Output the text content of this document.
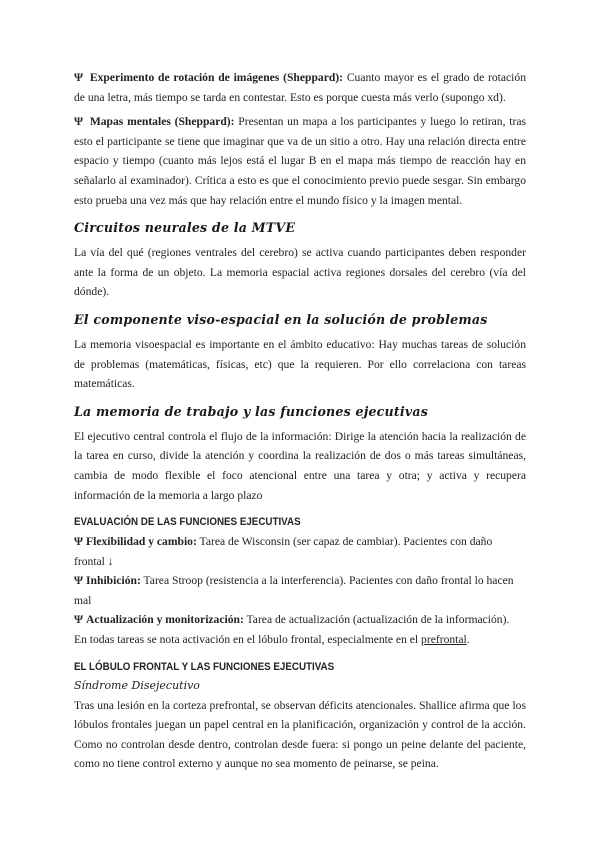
Ψ Experimento de rotación de imágenes (Sheppard): Cuanto mayor es el grado de rotación de una letra, más tiempo se tarda en contestar. Esto es porque cuesta más verlo (supongo xd).

Ψ Mapas mentales (Sheppard): Presentan un mapa a los participantes y luego lo retiran, tras esto el participante se tiene que imaginar que va de un sitio a otro. Hay una relación directa entre espacio y tiempo (cuanto más lejos está el lugar B en el mapa más tiempo de reacción hay en señalarlo al examinador). Crítica a esto es que el conocimiento previo puede sesgar. Sin embargo esto prueba una vez más que hay relación entre el mundo físico y la imagen mental.

Circuitos neurales de la MTVE

La vía del qué (regiones ventrales del cerebro) se activa cuando participantes deben responder ante la forma de un objeto. La memoria espacial activa regiones dorsales del cerebro (vía del dónde).

El componente viso-espacial en la solución de problemas

La memoria visoespacial es importante en el ámbito educativo: Hay muchas tareas de solución de problemas (matemáticas, físicas, etc) que la requieren. Por ello correlaciona con tareas matemáticas.

La memoria de trabajo y las funciones ejecutivas

El ejecutivo central controla el flujo de la información: Dirige la atención hacia la realización de la tarea en curso, divide la atención y coordina la realización de dos o más tareas simultáneas, cambia de modo flexible el foco atencional entre una tarea y otra; y activa y recupera información de la memoria a largo plazo

EVALUACIÓN DE LAS FUNCIONES EJECUTIVAS
Ψ Flexibilidad y cambio: Tarea de Wisconsin (ser capaz de cambiar). Pacientes con daño frontal ↓
Ψ Inhibición: Tarea Stroop (resistencia a la interferencia). Pacientes con daño frontal lo hacen mal
Ψ Actualización y monitorización: Tarea de actualización (actualización de la información).
En todas tareas se nota activación en el lóbulo frontal, especialmente en el prefrontal.
EL LÓBULO FRONTAL Y LAS FUNCIONES EJECUTIVAS
Síndrome Disejecutivo

Tras una lesión en la corteza prefrontal, se observan déficits atencionales. Shallice afirma que los lóbulos frontales juegan un papel central en la planificación, organización y control de la acción. Como no controlan desde dentro, controlan desde fuera: si pongo un peine delante del paciente, como no tiene control externo y aunque no sea momento de peinarse, se peina.
